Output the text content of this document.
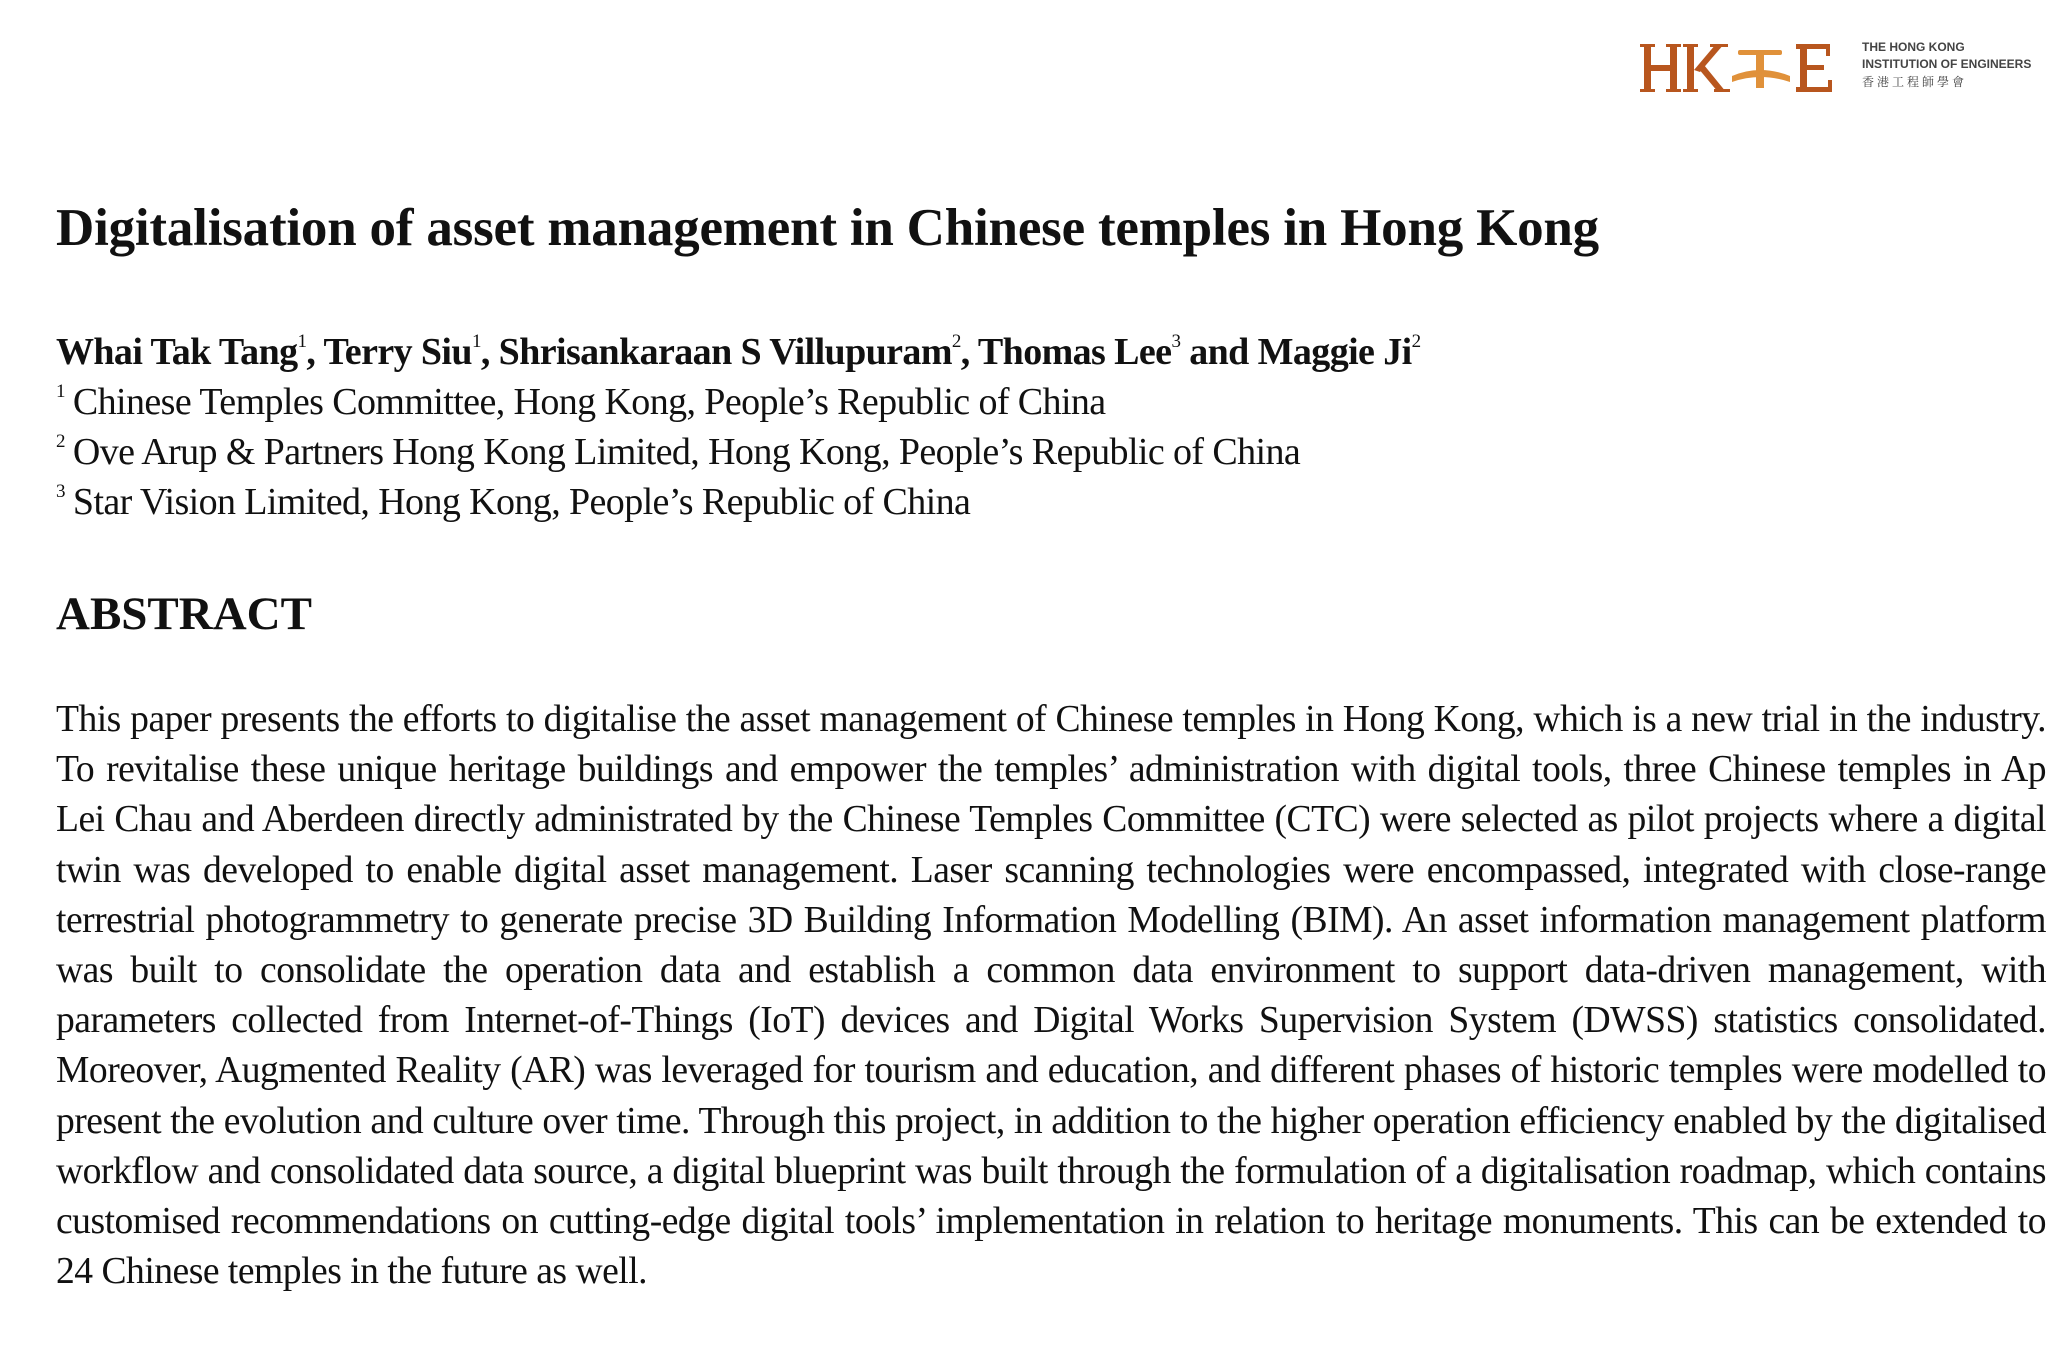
THE HONG KONG
INSTITUTION OF ENGINEERS
香港工程師學會
Digitalisation of asset management in Chinese temples in Hong Kong
Whai Tak Tang$^1$, Terry Siu$^1$, Shrisankaraan S Villupuram$^2$, Thomas Lee$^3$ and Maggie Ji$^2$
$^1$ Chinese Temples Committee, Hong Kong, People’s Republic of China
$^2$ Ove Arup & Partners Hong Kong Limited, Hong Kong, People’s Republic of China
$^3$ Star Vision Limited, Hong Kong, People’s Republic of China
ABSTRACT

This paper presents the efforts to digitalise the asset management of Chinese temples in Hong Kong, which is a new trial in the industry. To revitalise these unique heritage buildings and empower the temples’ administration with digital tools, three Chinese temples in Ap Lei Chau and Aberdeen directly administrated by the Chinese Temples Committee (CTC) were selected as pilot projects where a digital twin was developed to enable digital asset management. Laser scanning technologies were encompassed, integrated with close-range terrestrial photogrammetry to generate precise 3D Building Information Modelling (BIM). An asset information management platform was built to consolidate the operation data and establish a common data environment to support data-driven management, with parameters collected from Internet-of-Things (IoT) devices and Digital Works Supervision System (DWSS) statistics consolidated. Moreover, Augmented Reality (AR) was leveraged for tourism and education, and different phases of historic temples were modelled to present the evolution and culture over time. Through this project, in addition to the higher operation efficiency enabled by the digitalised workflow and consolidated data source, a digital blueprint was built through the formulation of a digitalisation roadmap, which contains customised recommendations on cutting-edge digital tools’ implementation in relation to heritage monuments. This can be extended to 24 Chinese temples in the future as well.
